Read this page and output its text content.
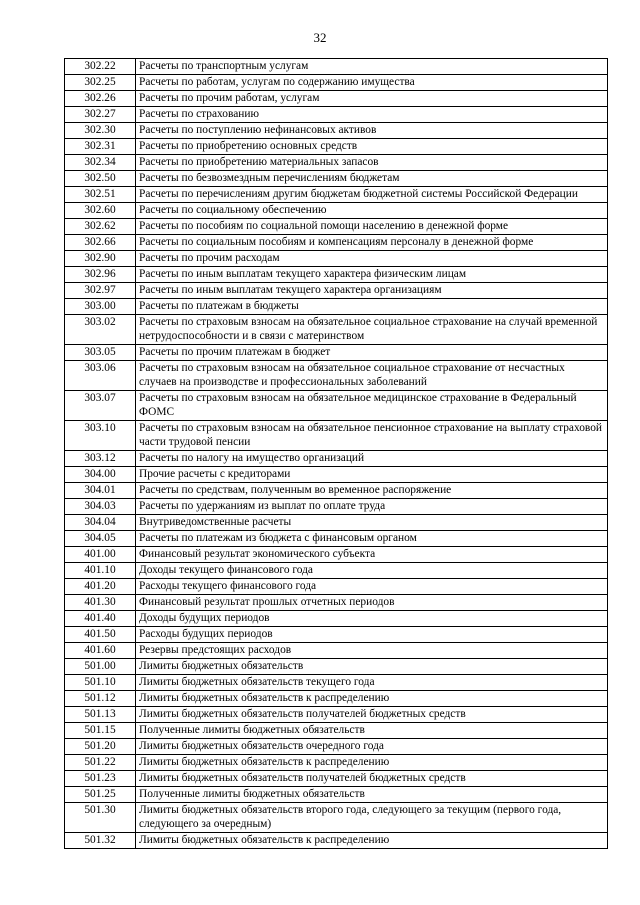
32
302.22	Расчеты по транспортным услугам
302.25	Расчеты по работам, услугам по содержанию имущества
302.26	Расчеты по прочим работам, услугам
302.27	Расчеты по страхованию
302.30	Расчеты по поступлению нефинансовых активов
302.31	Расчеты по приобретению основных средств
302.34	Расчеты по приобретению материальных запасов
302.50	Расчеты по безвозмездным перечислениям бюджетам
302.51	Расчеты по перечислениям другим бюджетам бюджетной системы Российской Федерации
302.60	Расчеты по социальному обеспечению
302.62	Расчеты по пособиям по социальной помощи населению в денежной форме
302.66	Расчеты по социальным пособиям и компенсациям персоналу в денежной форме
302.90	Расчеты по прочим расходам
302.96	Расчеты по иным выплатам текущего характера физическим лицам
302.97	Расчеты по иным выплатам текущего характера организациям
303.00	Расчеты по платежам в бюджеты
303.02	Расчеты по страховым взносам на обязательное социальное страхование на случай временной нетрудоспособности и в связи с материнством
303.05	Расчеты по прочим платежам в бюджет
303.06	Расчеты по страховым взносам на обязательное социальное страхование от несчастных случаев на производстве и профессиональных заболеваний
303.07	Расчеты по страховым взносам на обязательное медицинское страхование в Федеральный ФОМС
303.10	Расчеты по страховым взносам на обязательное пенсионное страхование на выплату страховой части трудовой пенсии
303.12	Расчеты по налогу на имущество организаций
304.00	Прочие расчеты с кредиторами
304.01	Расчеты по средствам, полученным во временное распоряжение
304.03	Расчеты по удержаниям из выплат по оплате труда
304.04	Внутриведомственные расчеты
304.05	Расчеты по платежам из бюджета с финансовым органом
401.00	Финансовый результат экономического субъекта
401.10	Доходы текущего финансового года
401.20	Расходы текущего финансового года
401.30	Финансовый результат прошлых отчетных периодов
401.40	Доходы будущих периодов
401.50	Расходы будущих периодов
401.60	Резервы предстоящих расходов
501.00	Лимиты бюджетных обязательств
501.10	Лимиты бюджетных обязательств текущего года
501.12	Лимиты бюджетных обязательств к распределению
501.13	Лимиты бюджетных обязательств получателей бюджетных средств
501.15	Полученные лимиты бюджетных обязательств
501.20	Лимиты бюджетных обязательств очередного года
501.22	Лимиты бюджетных обязательств к распределению
501.23	Лимиты бюджетных обязательств получателей бюджетных средств
501.25	Полученные лимиты бюджетных обязательств
501.30	Лимиты бюджетных обязательств второго года, следующего за текущим (первого года, следующего за очередным)
501.32	Лимиты бюджетных обязательств к распределению
